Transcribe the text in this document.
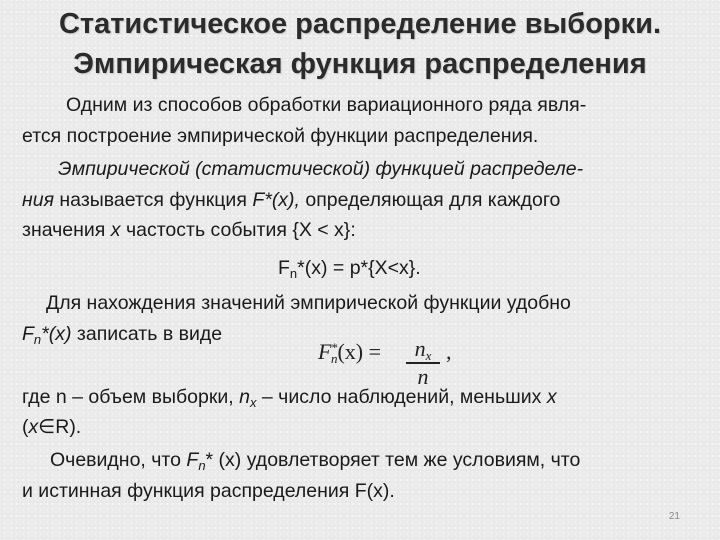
Статистическое распределение выборки.
Эмпирическая функция распределения
Одним из способов обработки вариационного ряда явля-
ется построение эмпирической функции распределения.
Эмпирической (статистической) функцией распределе-
ния называется функция F*(x), определяющая для каждого
значения x частость события {X < x}:
$F_n*(x) = p*\{X<x\}$.
Для нахождения значений эмпирической функции удобно
$F_n*(x)$ записать в виде
$F^*_n(x)$ =	$n_x$
n
,
где n – объем выборки, $n_x$ – число наблюдений, меньших x
(x∈R).
Очевидно, что $F_n*$ (x) удовлетворяет тем же условиям, что
и истинная функция распределения F(x).
21
